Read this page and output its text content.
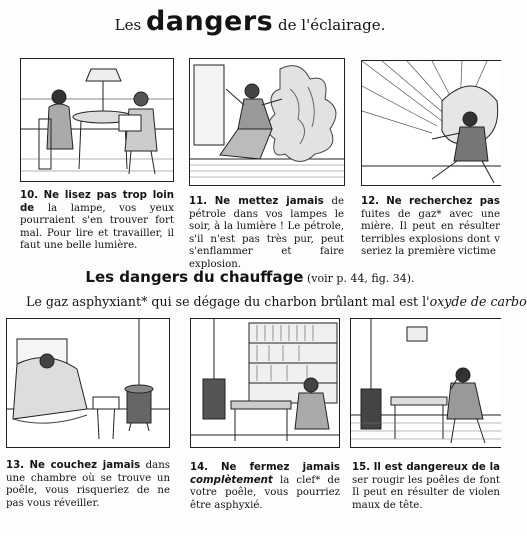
Les dangers de l'éclairage.
10. Ne lisez pas trop loin de la lampe, vos yeux pourraient s'en trouver fort mal. Pour lire et travailler, il faut une belle lumière.
11. Ne mettez jamais de pétrole dans vos lampes le soir, à la lumière ! Le pétrole, s'il n'est pas très pur, peut s'enflammer et faire explosion.
12. Ne recherchez pas fuites de gaz* avec une mière. Il peut en résulter terribles explosions dont v seriez la première victime
Les dangers du chauffage (voir p. 44, fig. 34).
Le gaz asphyxiant* qui se dégage du charbon brûlant mal est l'oxyde de carbo
13. Ne couchez jamais dans une chambre où se trouve un poêle, vous risqueriez de ne pas vous réveiller.
14. Ne fermez jamais complètement la clef* de votre poêle, vous pourriez être asphyxié.
15. Il est dangereux de la ser rougir les poêles de font Il peut en résulter de violen maux de tête.
